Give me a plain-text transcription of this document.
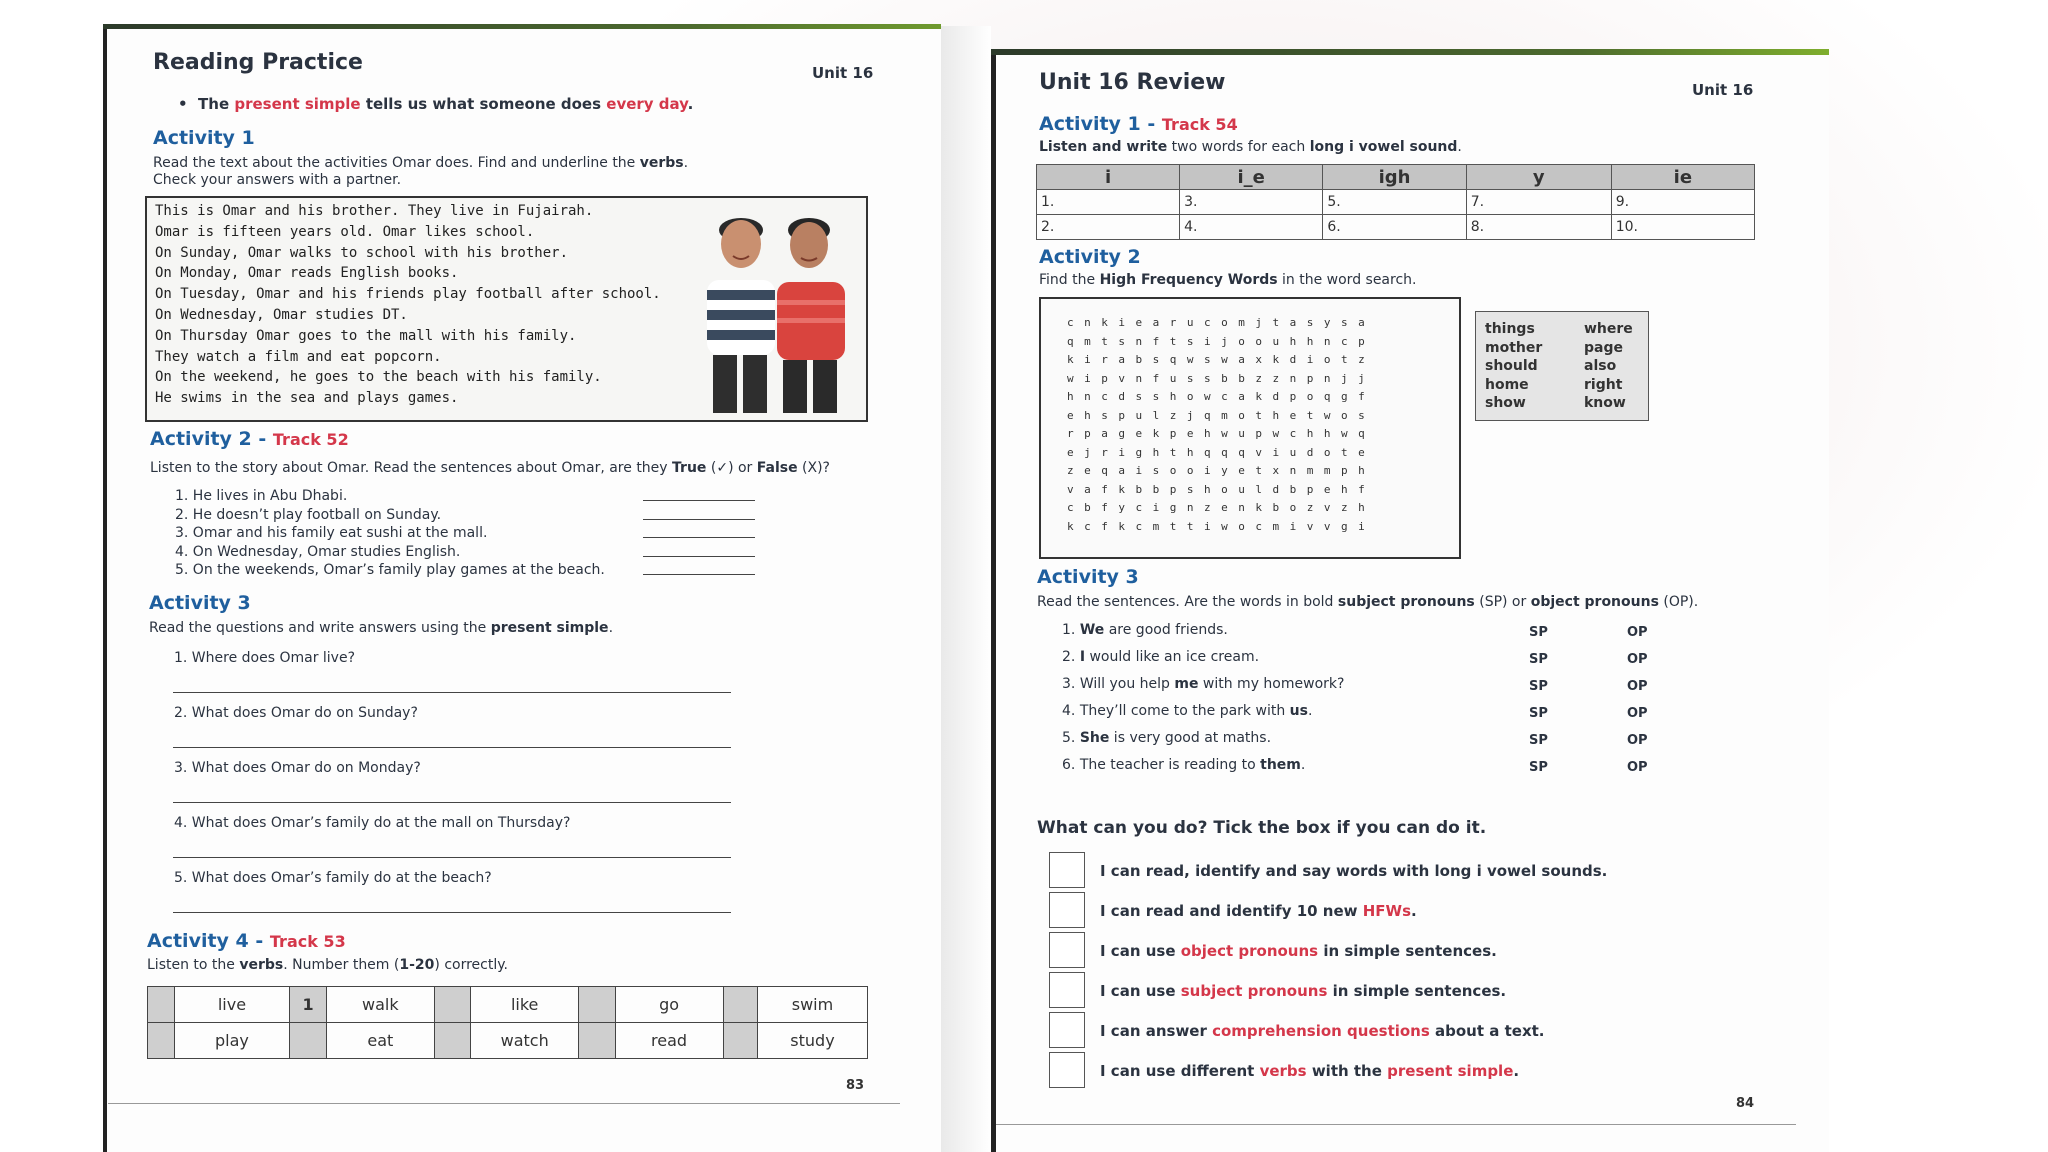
Reading Practice	Unit 16
•  The present simple tells us what someone does every day.
Activity 1
Read the text about the activities Omar does. Find and underline the verbs.
Check your answers with a partner.
This is Omar and his brother. They live in Fujairah.
Omar is fifteen years old. Omar likes school.
On Sunday, Omar walks to school with his brother.
On Monday, Omar reads English books.
On Tuesday, Omar and his friends play football after school.
On Wednesday, Omar studies DT.
On Thursday Omar goes to the mall with his family.
They watch a film and eat popcorn.
On the weekend, he goes to the beach with his family.
He swims in the sea and plays games.
Activity 2 - Track 52
Listen to the story about Omar. Read the sentences about Omar, are they True (✓) or False (X)?
1. He lives in Abu Dhabi.
2. He doesn’t play football on Sunday.
3. Omar and his family eat sushi at the mall.
4. On Wednesday, Omar studies English.
5. On the weekends, Omar’s family play games at the beach.
Activity 3
Read the questions and write answers using the present simple.
1. Where does Omar live?
2. What does Omar do on Sunday?
3. What does Omar do on Monday?
4. What does Omar’s family do at the mall on Thursday?
5. What does Omar’s family do at the beach?
Activity 4 - Track 53
Listen to the verbs. Number them (1-20) correctly.
	live	1	walk		like		go		swim
	play		eat		watch		read		study
83
Unit 16 Review	Unit 16
Activity 1 - Track 54
Listen and write two words for each long i vowel sound.
i	i_e	igh	y	ie
1.	3.	5.	7.	9.
2.	4.	6.	8.	10.
Activity 2
Find the High Frequency Words in the word search.
cnkiearucomjtasysa
qmtsnftsijoouhhncp
kirabsqwswaxkdiotz
wipvnfussbbzznpnjj
hncdsshowcakdpoqgf
ehspulzjqmothetwos
rpagekpehwupwchhwq
ejrighthqqqviudote
zeqaisooiyetxnmmph
vafkbbpshouldbpehf
cbfycignzenkbozvzh
kcfkcmttiwocmivvgi
things
mother
should
home
show
where
page
also
right
know
Activity 3
Read the sentences. Are the words in bold subject pronouns (SP) or object pronouns (OP).
1. We are good friends.	SP	OP
2. I would like an ice cream.	SP	OP
3. Will you help me with my homework?	SP	OP
4. They’ll come to the park with us.	SP	OP
5. She is very good at maths.	SP	OP
6. The teacher is reading to them.	SP	OP
What can you do? Tick the box if you can do it.
I can read, identify and say words with long i vowel sounds.
I can read and identify 10 new HFWs.
I can use object pronouns in simple sentences.
I can use subject pronouns in simple sentences.
I can answer comprehension questions about a text.
I can use different verbs with the present simple.
84
